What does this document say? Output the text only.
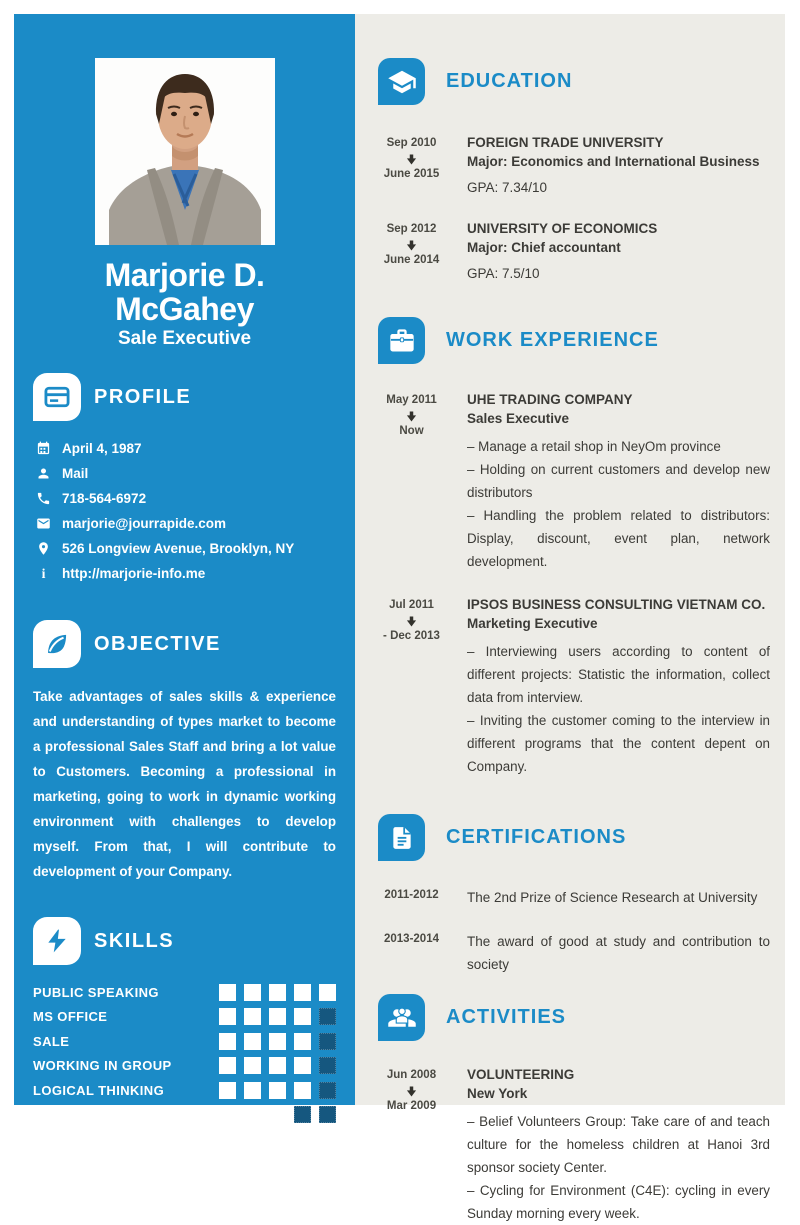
Marjorie D. McGahey
Sale Executive
PROFILE
April 4, 1987
Mail
718-564-6972
marjorie@jourrapide.com
526 Longview Avenue, Brooklyn, NY
i http://marjorie-info.me
OBJECTIVE

Take advantages of sales skills & experience and understanding of types market to become a professional Sales Staff and bring a lot value to Customers. Becoming a professional in marketing, going to work in dynamic working environment with challenges to develop myself. From that, I will contribute to development of your Company.

SKILLS
PUBLIC SPEAKING
MS OFFICE
SALE
WORKING IN GROUP
LOGICAL THINKING
SELF-STUDY
EDUCATION
Sep 2010
June 2015
FOREIGN TRADE UNIVERSITY
Major: Economics and International Business
GPA: 7.34/10
Sep 2012
June 2014
UNIVERSITY OF ECONOMICS
Major: Chief accountant
GPA: 7.5/10
WORK EXPERIENCE
May 2011
Now
UHE TRADING COMPANY
Sales Executive

– Manage a retail shop in NeyOm province

– Holding on current customers and develop new distributors

– Handling the problem related to distributors: Display, discount, event plan, network development.

Jul 2011
- Dec 2013
IPSOS BUSINESS CONSULTING VIETNAM CO.
Marketing Executive

– Interviewing users according to content of different projects: Statistic the information, collect data from interview.

– Inviting the customer coming to the interview in different programs that the content depent on Company.

CERTIFICATIONS
2011-2012	The 2nd Prize of Science Research at University
2013-2014	The award of good at study and contribution to society
ACTIVITIES
Jun 2008
Mar 2009
VOLUNTEERING
New York

– Belief Volunteers Group: Take care of and teach culture for the homeless children at Hanoi 3rd sponsor society Center.

– Cycling for Environment (C4E): cycling in every Sunday morning every week.
